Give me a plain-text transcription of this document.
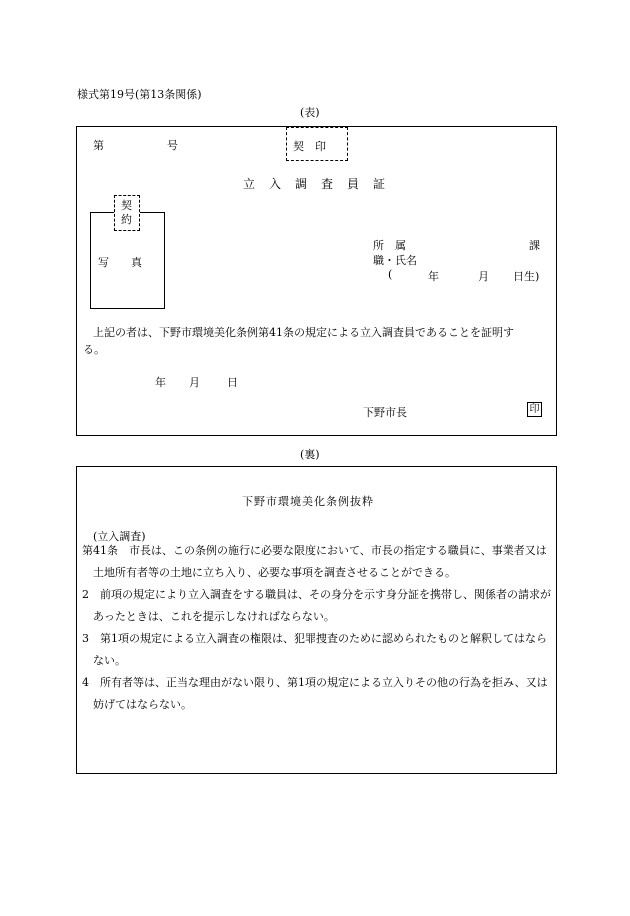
様式第19号(第13条関係)
(表)
第	号	契　印
立入調査員証
写　　真
契約
所　属	課
職・氏名
(	年	月 日生)
上記の者は、下野市環境美化条例第41条の規定による立入調査員であることを証明す
る。
年 月 日
下野市長	印
(裏)
下野市環境美化条例抜粋
(立入調査)

第41条　市長は、この条例の施行に必要な限度において、市長の指定する職員に、事業者又は土地所有者等の土地に立ち入り、必要な事項を調査させることができる。

2　前項の規定により立入調査をする職員は、その身分を示す身分証を携帯し、関係者の請求があったときは、これを提示しなければならない。

3　第1項の規定による立入調査の権限は、犯罪捜査のために認められたものと解釈してはならない。

4　所有者等は、正当な理由がない限り、第1項の規定による立入りその他の行為を拒み、又は妨げてはならない。
